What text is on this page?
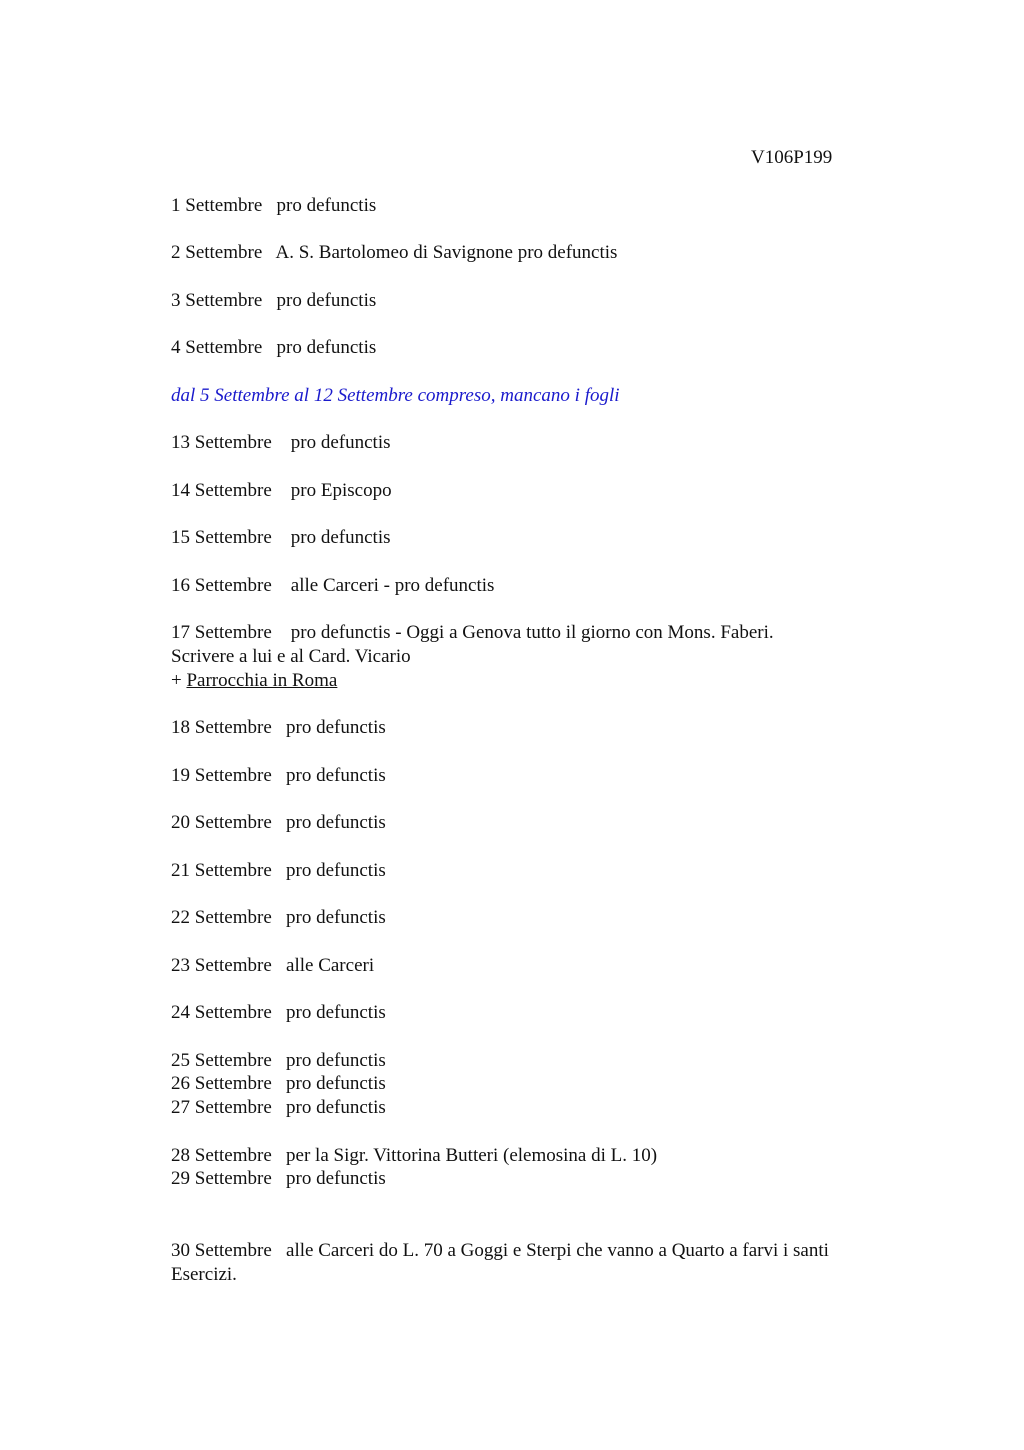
V106P199
1 Settembre pro defunctis
2 Settembre A. S. Bartolomeo di Savignone pro defunctis
3 Settembre pro defunctis
4 Settembre pro defunctis
dal 5 Settembre al 12 Settembre compreso, mancano i fogli
13 Settembre pro defunctis
14 Settembre pro Episcopo
15 Settembre pro defunctis
16 Settembre alle Carceri - pro defunctis
17 Settembre pro defunctis - Oggi a Genova tutto il giorno con Mons. Faberi.
Scrivere a lui e al Card. Vicario
+ Parrocchia in Roma
18 Settembre pro defunctis
19 Settembre pro defunctis
20 Settembre pro defunctis
21 Settembre pro defunctis
22 Settembre pro defunctis
23 Settembre alle Carceri
24 Settembre pro defunctis
25 Settembre pro defunctis
26 Settembre pro defunctis
27 Settembre pro defunctis
28 Settembre per la Sigr. Vittorina Butteri (elemosina di L. 10)
29 Settembre pro defunctis
30 Settembre alle Carceri do L. 70 a Goggi e Sterpi che vanno a Quarto a farvi i santi
Esercizi.
